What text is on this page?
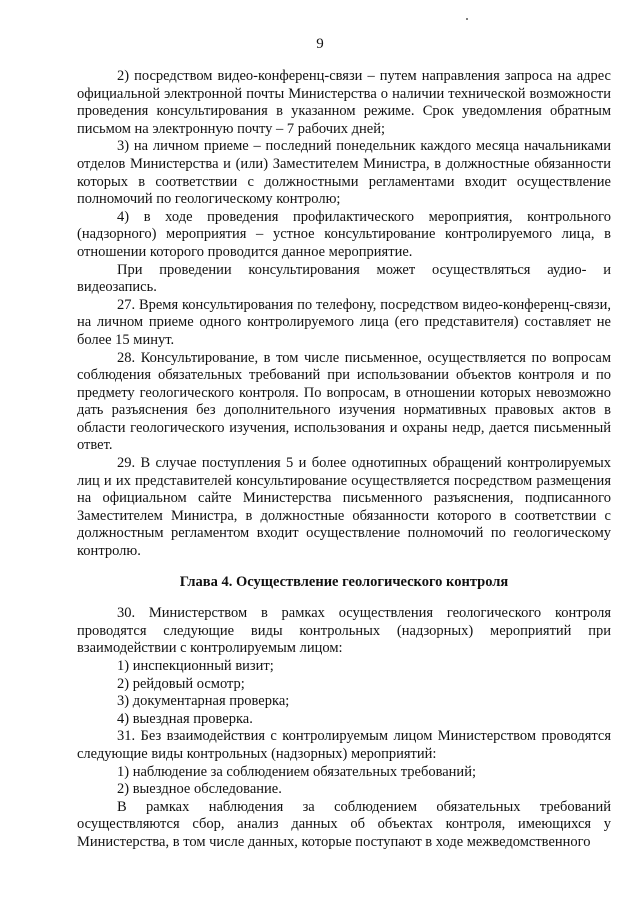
9

2) посредством видео-конференц-связи – путем направления запроса на адрес официальной электронной почты Министерства о наличии технической возможности проведения консультирования в указанном режиме. Срок уведомления обратным письмом на электронную почту – 7 рабочих дней;

3) на личном приеме – последний понедельник каждого месяца начальниками отделов Министерства и (или) Заместителем Министра, в должностные обязанности которых в соответствии с должностными регламентами входит осуществление полномочий по геологическому контролю;

4) в ходе проведения профилактического мероприятия, контрольного (надзорного) мероприятия – устное консультирование контролируемого лица, в отношении которого проводится данное мероприятие.

При проведении консультирования может осуществляться аудио- и видеозапись.

27. Время консультирования по телефону, посредством видео-конференц-связи, на личном приеме одного контролируемого лица (его представителя) составляет не более 15 минут.

28. Консультирование, в том числе письменное, осуществляется по вопросам соблюдения обязательных требований при использовании объектов контроля и по предмету геологического контроля. По вопросам, в отношении которых невозможно дать разъяснения без дополнительного изучения нормативных правовых актов в области геологического изучения, использования и охраны недр, дается письменный ответ.

29. В случае поступления 5 и более однотипных обращений контролируемых лиц и их представителей консультирование осуществляется посредством размещения на официальном сайте Министерства письменного разъяснения, подписанного Заместителем Министра, в должностные обязанности которого в соответствии с должностным регламентом входит осуществление полномочий по геологическому контролю.

Глава 4. Осуществление геологического контроля

30. Министерством в рамках осуществления геологического контроля проводятся следующие виды контрольных (надзорных) мероприятий при взаимодействии с контролируемым лицом:

1) инспекционный визит;

2) рейдовый осмотр;

3) документарная проверка;

4) выездная проверка.

31. Без взаимодействия с контролируемым лицом Министерством проводятся следующие виды контрольных (надзорных) мероприятий:

1) наблюдение за соблюдением обязательных требований;

2) выездное обследование.

В рамках наблюдения за соблюдением обязательных требований осуществляются сбор, анализ данных об объектах контроля, имеющихся у Министерства, в том числе данных, которые поступают в ходе межведомственного
